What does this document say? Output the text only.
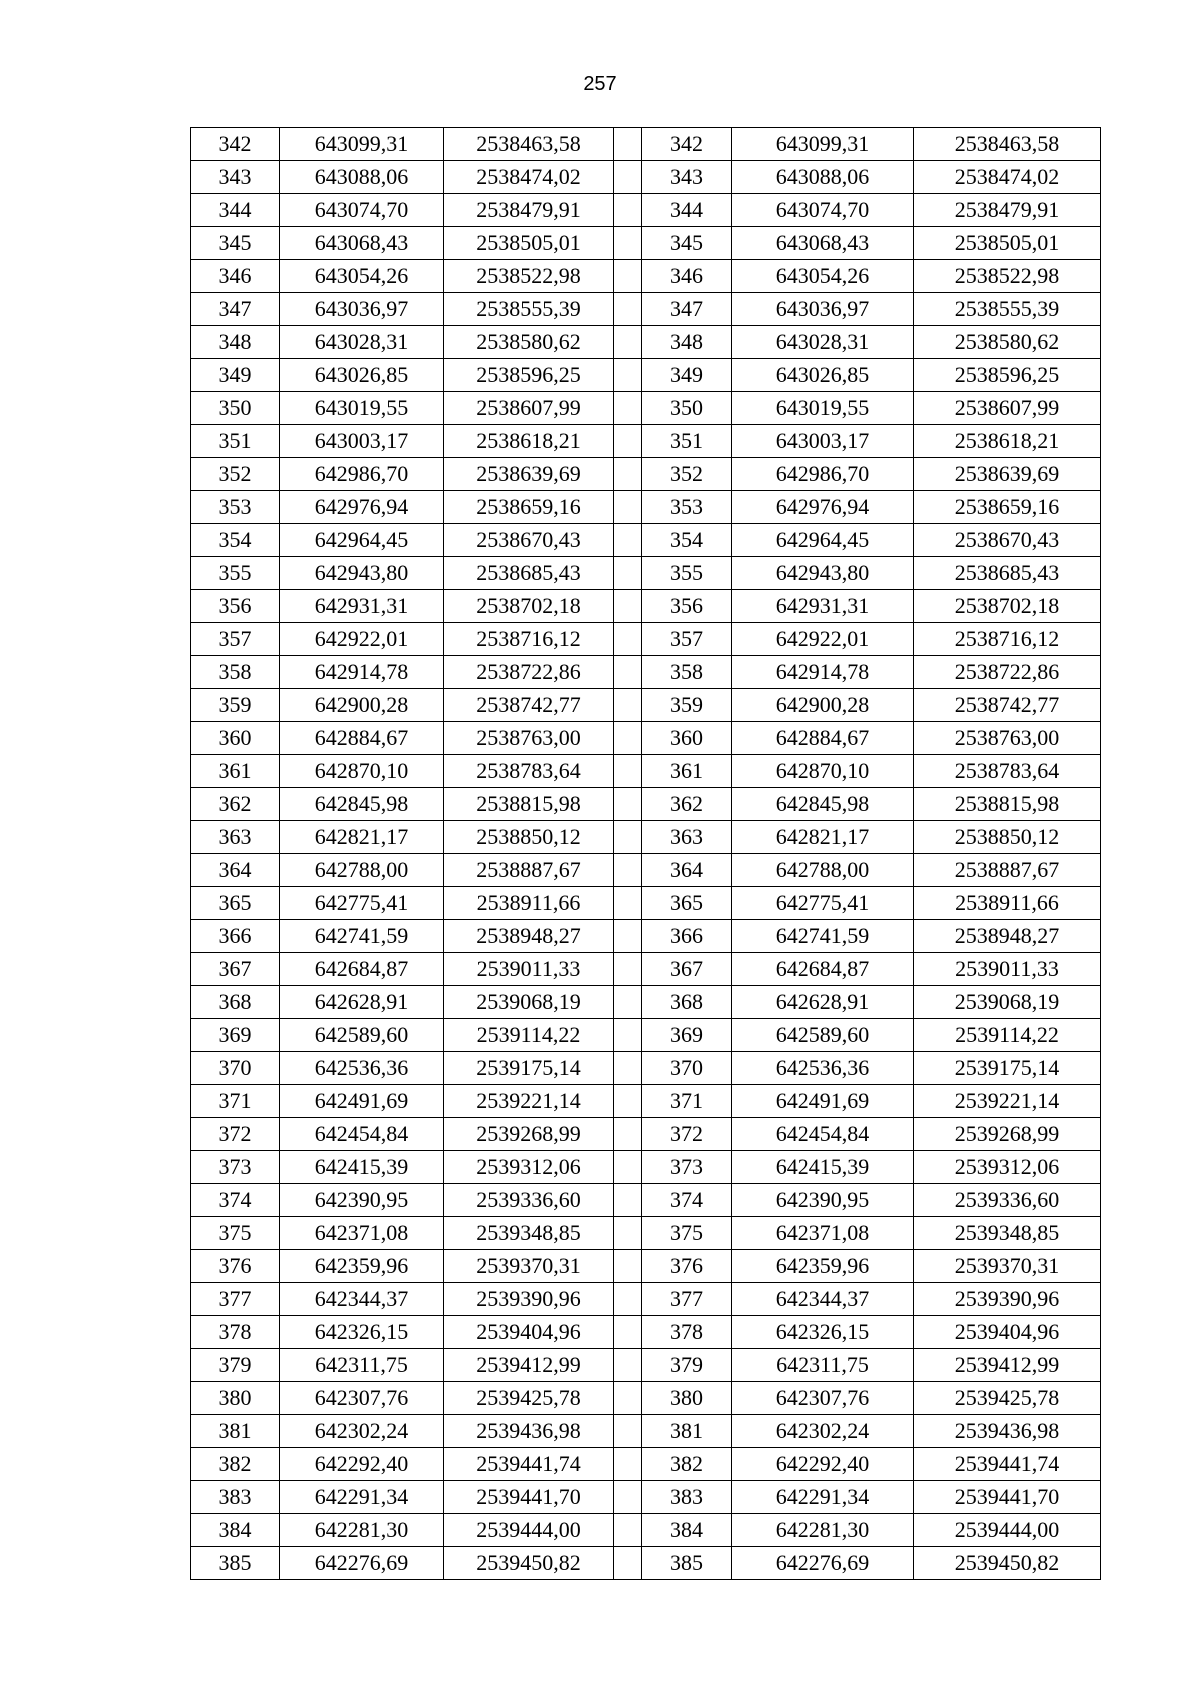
257
342	643099,31	2538463,58		342	643099,31	2538463,58
343	643088,06	2538474,02		343	643088,06	2538474,02
344	643074,70	2538479,91		344	643074,70	2538479,91
345	643068,43	2538505,01		345	643068,43	2538505,01
346	643054,26	2538522,98		346	643054,26	2538522,98
347	643036,97	2538555,39		347	643036,97	2538555,39
348	643028,31	2538580,62		348	643028,31	2538580,62
349	643026,85	2538596,25		349	643026,85	2538596,25
350	643019,55	2538607,99		350	643019,55	2538607,99
351	643003,17	2538618,21		351	643003,17	2538618,21
352	642986,70	2538639,69		352	642986,70	2538639,69
353	642976,94	2538659,16		353	642976,94	2538659,16
354	642964,45	2538670,43		354	642964,45	2538670,43
355	642943,80	2538685,43		355	642943,80	2538685,43
356	642931,31	2538702,18		356	642931,31	2538702,18
357	642922,01	2538716,12		357	642922,01	2538716,12
358	642914,78	2538722,86		358	642914,78	2538722,86
359	642900,28	2538742,77		359	642900,28	2538742,77
360	642884,67	2538763,00		360	642884,67	2538763,00
361	642870,10	2538783,64		361	642870,10	2538783,64
362	642845,98	2538815,98		362	642845,98	2538815,98
363	642821,17	2538850,12		363	642821,17	2538850,12
364	642788,00	2538887,67		364	642788,00	2538887,67
365	642775,41	2538911,66		365	642775,41	2538911,66
366	642741,59	2538948,27		366	642741,59	2538948,27
367	642684,87	2539011,33		367	642684,87	2539011,33
368	642628,91	2539068,19		368	642628,91	2539068,19
369	642589,60	2539114,22		369	642589,60	2539114,22
370	642536,36	2539175,14		370	642536,36	2539175,14
371	642491,69	2539221,14		371	642491,69	2539221,14
372	642454,84	2539268,99		372	642454,84	2539268,99
373	642415,39	2539312,06		373	642415,39	2539312,06
374	642390,95	2539336,60		374	642390,95	2539336,60
375	642371,08	2539348,85		375	642371,08	2539348,85
376	642359,96	2539370,31		376	642359,96	2539370,31
377	642344,37	2539390,96		377	642344,37	2539390,96
378	642326,15	2539404,96		378	642326,15	2539404,96
379	642311,75	2539412,99		379	642311,75	2539412,99
380	642307,76	2539425,78		380	642307,76	2539425,78
381	642302,24	2539436,98		381	642302,24	2539436,98
382	642292,40	2539441,74		382	642292,40	2539441,74
383	642291,34	2539441,70		383	642291,34	2539441,70
384	642281,30	2539444,00		384	642281,30	2539444,00
385	642276,69	2539450,82		385	642276,69	2539450,82
